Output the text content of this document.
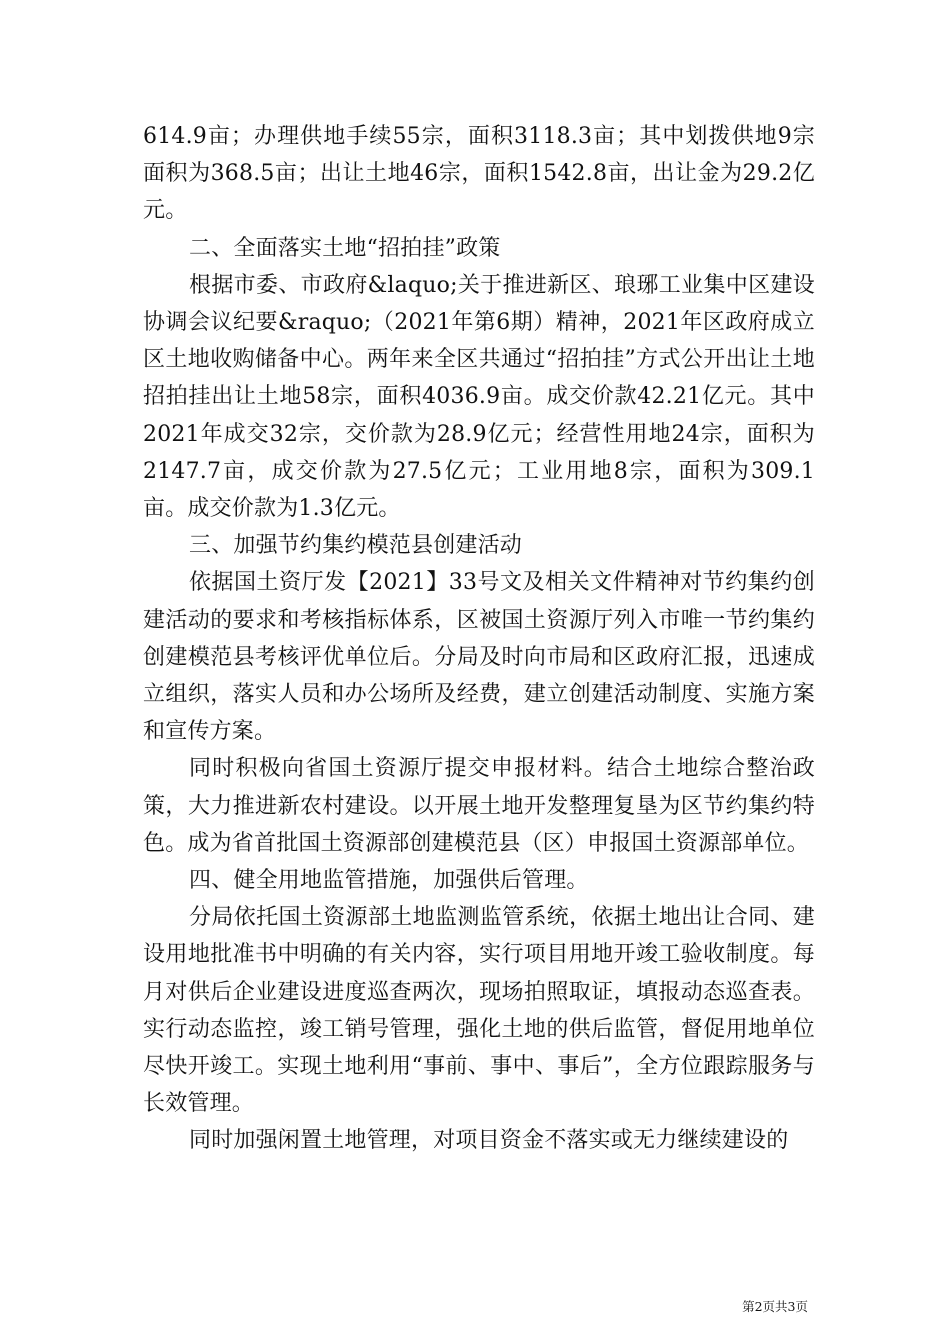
614.9亩；办理供地手续55宗，面积3118.3亩；其中划拨供地9宗面积为368.5亩；出让土地46宗，面积1542.8亩，出让金为29.2亿元。

二、全面落实土地“招拍挂”政策

根据市委、市政府&laquo;关于推进新区、琅琊工业集中区建设协调会议纪要&raquo;（2021年第6期）精神，2021年区政府成立区土地收购储备中心。两年来全区共通过“招拍挂”方式公开出让土地招拍挂出让土地58宗，面积4036.9亩。成交价款42.21亿元。其中2021年成交32宗，交价款为28.9亿元；经营性用地24宗，面积为2147.7亩，成交价款为27.5亿元；工业用地8宗，面积为309.1亩。成交价款为1.3亿元。

三、加强节约集约模范县创建活动

依据国土资厅发【2021】33号文及相关文件精神对节约集约创建活动的要求和考核指标体系，区被国土资源厅列入市唯一节约集约创建模范县考核评优单位后。分局及时向市局和区政府汇报，迅速成立组织，落实人员和办公场所及经费，建立创建活动制度、实施方案和宣传方案。

同时积极向省国土资源厅提交申报材料。结合土地综合整治政策，大力推进新农村建设。以开展土地开发整理复垦为区节约集约特色。成为省首批国土资源部创建模范县（区）申报国土资源部单位。

四、健全用地监管措施，加强供后管理。

分局依托国土资源部土地监测监管系统，依据土地出让合同、建设用地批准书中明确的有关内容，实行项目用地开竣工验收制度。每月对供后企业建设进度巡查两次，现场拍照取证，填报动态巡查表。实行动态监控，竣工销号管理，强化土地的供后监管，督促用地单位尽快开竣工。实现土地利用“事前、事中、事后”，全方位跟踪服务与长效管理。

同时加强闲置土地管理，对项目资金不落实或无力继续建设的

第2页共3页
